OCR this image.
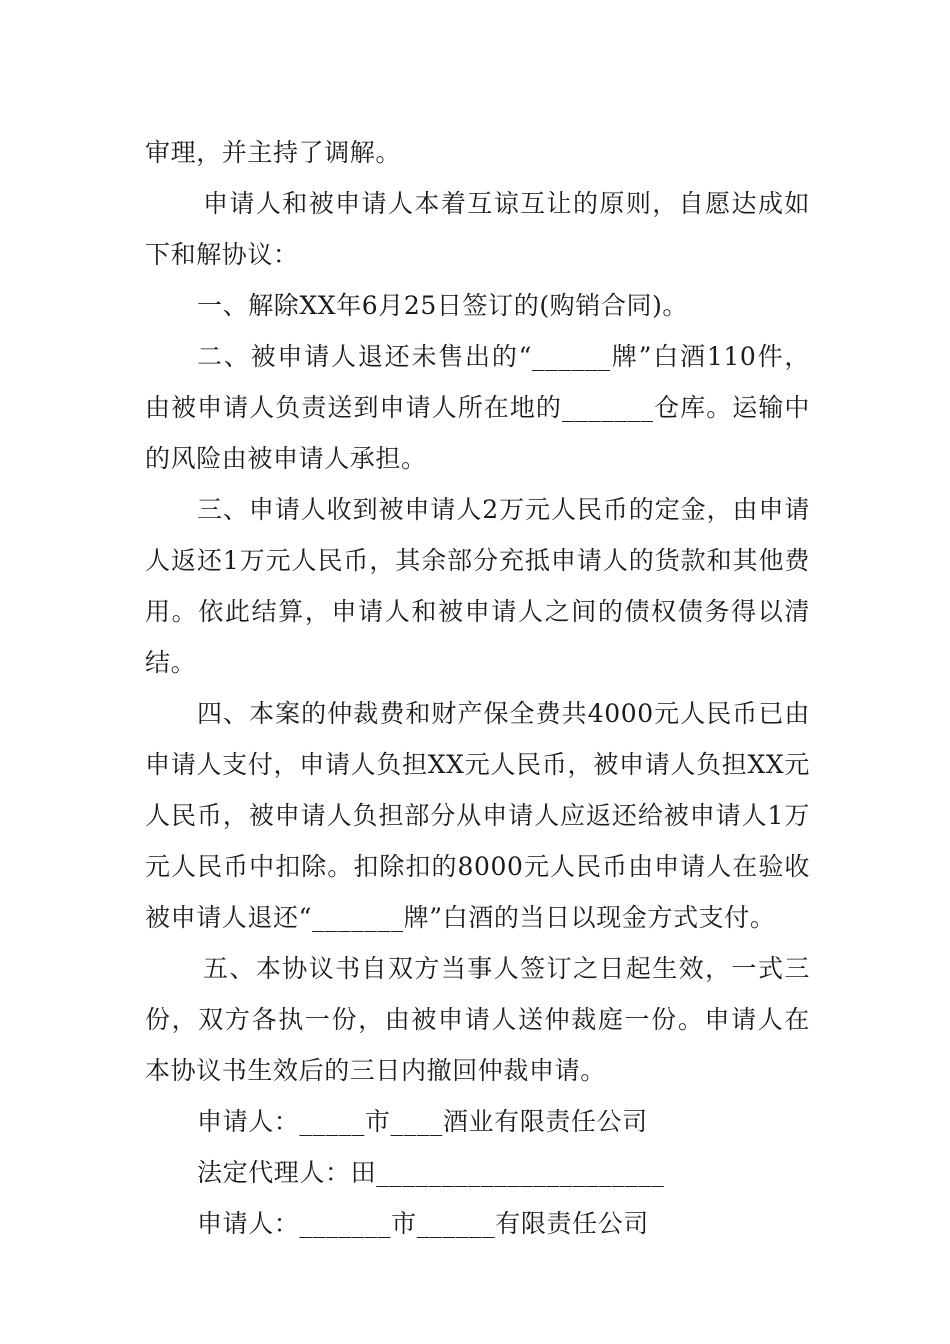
审理，并主持了调解。

申请人和被申请人本着互谅互让的原则，自愿达成如下和解协议：

一、解除XX年6月25日签订的(购销合同)。

二、被申请人退还未售出的“______牌”白酒110件，由被申请人负责送到申请人所在地的_______仓库。运输中的风险由被申请人承担。

三、申请人收到被申请人2万元人民币的定金，由申请人返还1万元人民币，其余部分充抵申请人的货款和其他费用。依此结算，申请人和被申请人之间的债权债务得以清结。

四、本案的仲裁费和财产保全费共4000元人民币已由申请人支付，申请人负担XX元人民币，被申请人负担XX元人民币，被申请人负担部分从申请人应返还给被申请人1万元人民币中扣除。扣除扣的8000元人民币由申请人在验收被申请人退还“_______牌”白酒的当日以现金方式支付。

五、本协议书自双方当事人签订之日起生效，一式三份，双方各执一份，由被申请人送仲裁庭一份。申请人在本协议书生效后的三日内撤回仲裁申请。

申请人：_____市____酒业有限责任公司

法定代理人：田______________________

申请人：_______市______有限责任公司
